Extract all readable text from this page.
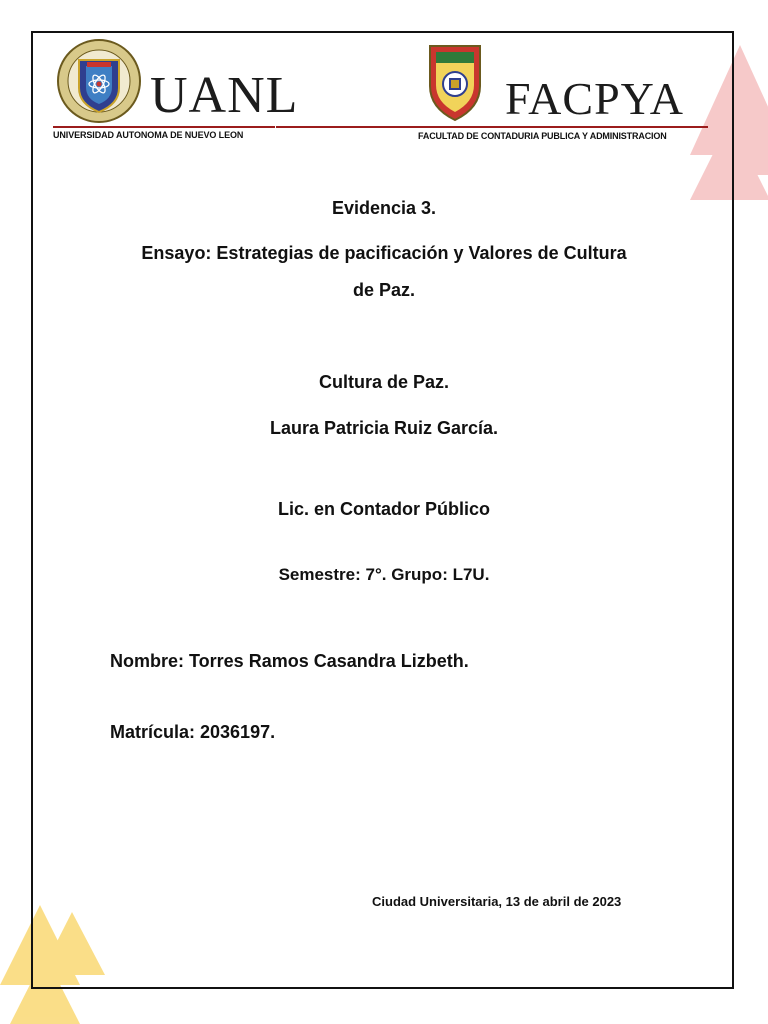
UANL	FACPYA
UNIVERSIDAD AUTONOMA DE NUEVO LEON	FACULTAD DE CONTADURIA PUBLICA Y ADMINISTRACION
Evidencia 3.
Ensayo: Estrategias de pacificación y Valores de Cultura
de Paz.
Cultura de Paz.
Laura Patricia Ruiz García.
Lic. en Contador Público
Semestre: 7°. Grupo: L7U.
Nombre: Torres Ramos Casandra Lizbeth.
Matrícula: 2036197.
Ciudad Universitaria, 13 de abril de 2023
